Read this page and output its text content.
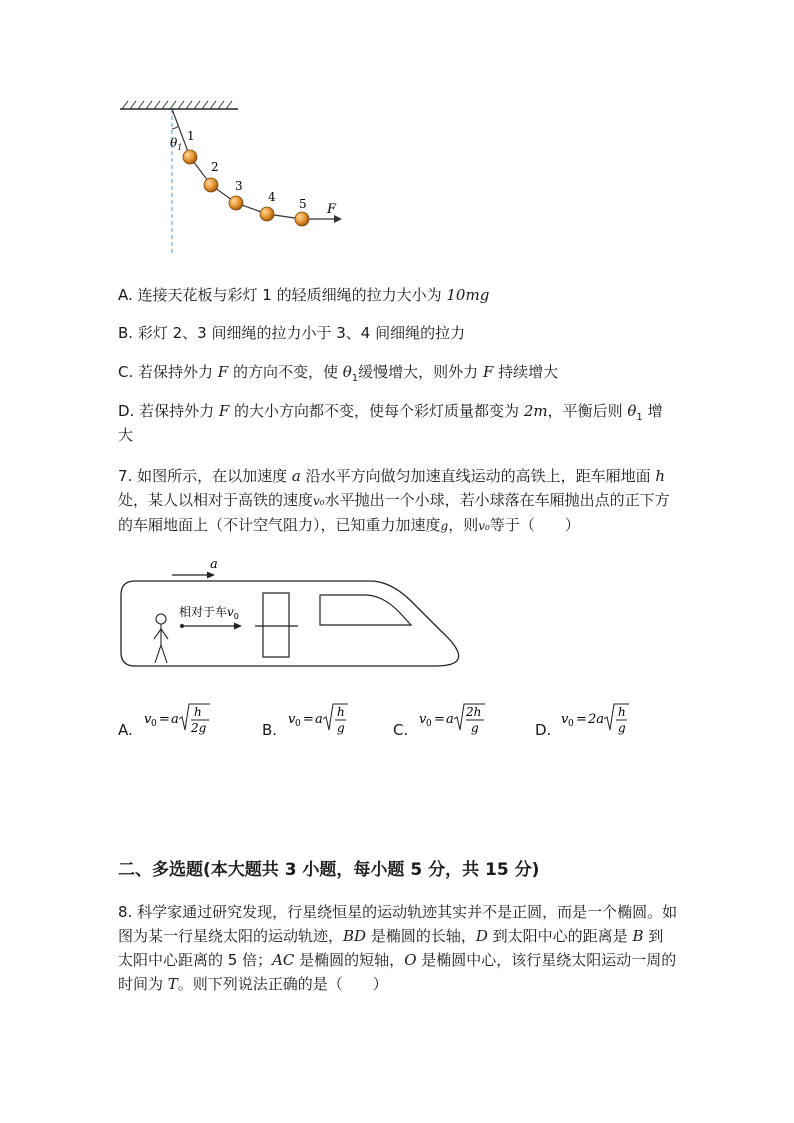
1
2
3
4 5
$\theta_1$
F
A. 连接天花板与彩灯 1 的轻质细绳的拉力大小为 10mg
B. 彩灯 2、3 间细绳的拉力小于 3、4 间细绳的拉力
C. 若保持外力 F 的方向不变，使 $\theta_1$缓慢增大，则外力 F 持续增大
D. 若保持外力 F 的大小方向都不变，使每个彩灯质量都变为 2m，平衡后则 $\theta_1$ 增
大
7. 如图所示，在以加速度 a 沿水平方向做匀加速直线运动的高铁上，距车厢地面 h 处，某人以相对于高铁的速度v₀水平抛出一个小球，若小球落在车厢抛出点的正下方的车厢地面上（不计空气阻力），已知重力加速度g，则v₀等于（　　）
a
相对于车$v_0$
A.
v 0 = a h
2g	B.
v 0 = a h
g	C.
v 0 = a 2h
g	D.
v 0 = 2a h
g
二、多选题(本大题共 3 小题，每小题 5 分，共 15 分)
8. 科学家通过研究发现，行星绕恒星的运动轨迹其实并不是正圆，而是一个椭圆。如图为某一行星绕太阳的运动轨迹，BD 是椭圆的长轴，D 到太阳中心的距离是 B 到太阳中心距离的 5 倍；AC 是椭圆的短轴，O 是椭圆中心，该行星绕太阳运动一周的时间为 T。则下列说法正确的是（　　）
